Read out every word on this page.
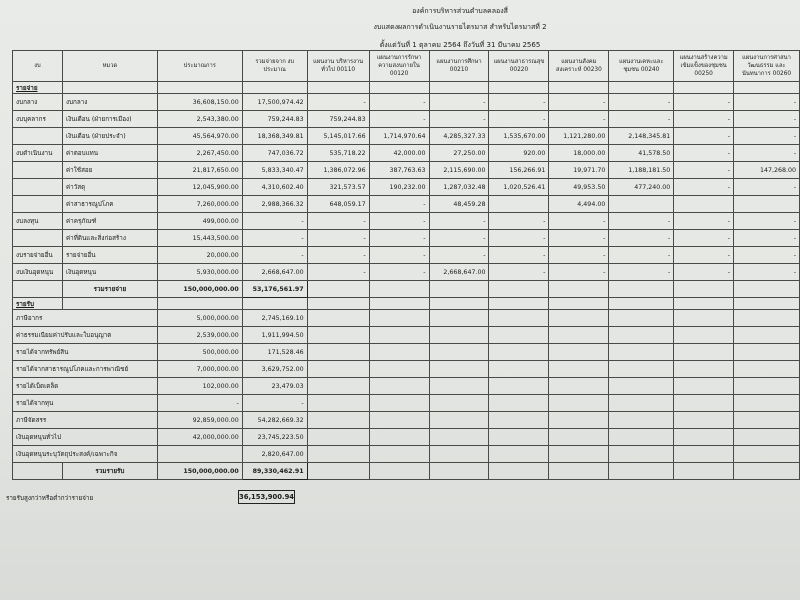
องค์การบริหารส่วนตำบลคลองสี่
งบแสดงผลการดำเนินงานรายไตรมาส สำหรับไตรมาสที่ 2
ตั้งแต่วันที่ 1 ตุลาคม 2564 ถึงวันที่ 31 มีนาคม 2565
งบ	หมวด	ประมาณการ	รวมจ่ายจาก งบประมาณ	แผนงาน บริหารงานทั่วไป 00110	แผนงานการรักษา ความสงบภายใน 00120	แผนงานการศึกษา 00210	แผนงานสาธารณสุข 00220	แผนงานสังคม สงเคราะห์ 00230	แผนงานเคหะและ ชุมชน 00240	แผนงานสร้างความ เข้มแข็งของชุมชน 00250	แผนงานการศาสนา วัฒนธรรม และ นันทนาการ 00260
รายจ่าย											
งบกลาง	งบกลาง	36,608,150.00	17,500,974.42	-	-	-	-	-	-	-	-
งบบุคลากร	เงินเดือน (ฝ่ายการเมือง)	2,543,380.00	759,244.83	759,244.83	-	-	-	-	-	-	-
	เงินเดือน (ฝ่ายประจำ)	45,564,970.00	18,368,349.81	5,145,017.66	1,714,970.64	4,285,327.33	1,535,670.00	1,121,280.00	2,148,345.81	-	-
งบดำเนินงาน	ค่าตอบแทน	2,267,450.00	747,036.72	535,718.22	42,000.00	27,250.00	920.00	18,000.00	41,578.50	-	-
	ค่าใช้สอย	21,817,650.00	5,833,340.47	1,386,072.96	387,763.63	2,115,690.00	156,266.91	19,971.70	1,188,181.50	-	147,268.00
	ค่าวัสดุ	12,045,900.00	4,310,602.40	321,573.57	190,232.00	1,287,032.48	1,020,526.41	49,953.50	477,240.00	-	-
	ค่าสาธารณูปโภค	7,260,000.00	2,988,366.32	648,059.17	-	48,459.28		4,494.00			
งบลงทุน	ค่าครุภัณฑ์	499,000.00	-	-	-	-	-	-	-	-	-
	ค่าที่ดินและสิ่งก่อสร้าง	15,443,500.00	-	-	-	-	-	-	-	-	-
งบรายจ่ายอื่น	รายจ่ายอื่น	20,000.00	-	-	-	-	-	-	-	-	-
งบเงินอุดหนุน	เงินอุดหนุน	5,930,000.00	2,668,647.00	-	-	2,668,647.00	-	-	-	-	-
	รวมรายจ่าย	150,000,000.00	53,176,561.97								
รายรับ											
ภาษีอากร		5,000,000.00	2,745,169.10								
ค่าธรรมเนียมค่าปรับและใบอนุญาต		2,539,000.00	1,911,994.50								
รายได้จากทรัพย์สิน		500,000.00	171,528.46								
รายได้จากสาธารณูปโภคและการพาณิชย์		7,000,000.00	3,629,752.00								
รายได้เบ็ดเตล็ด		102,000.00	23,479.03								
รายได้จากทุน		-	-								
ภาษีจัดสรร		92,859,000.00	54,282,669.32								
เงินอุดหนุนทั่วไป		42,000,000.00	23,745,223.50								
เงินอุดหนุนระบุวัตถุประสงค์/เฉพาะกิจ			2,820,647.00								
	รวมรายรับ	150,000,000.00	89,330,462.91								
รายรับสูงกว่าหรือต่ำกว่ารายจ่าย	36,153,900.94
